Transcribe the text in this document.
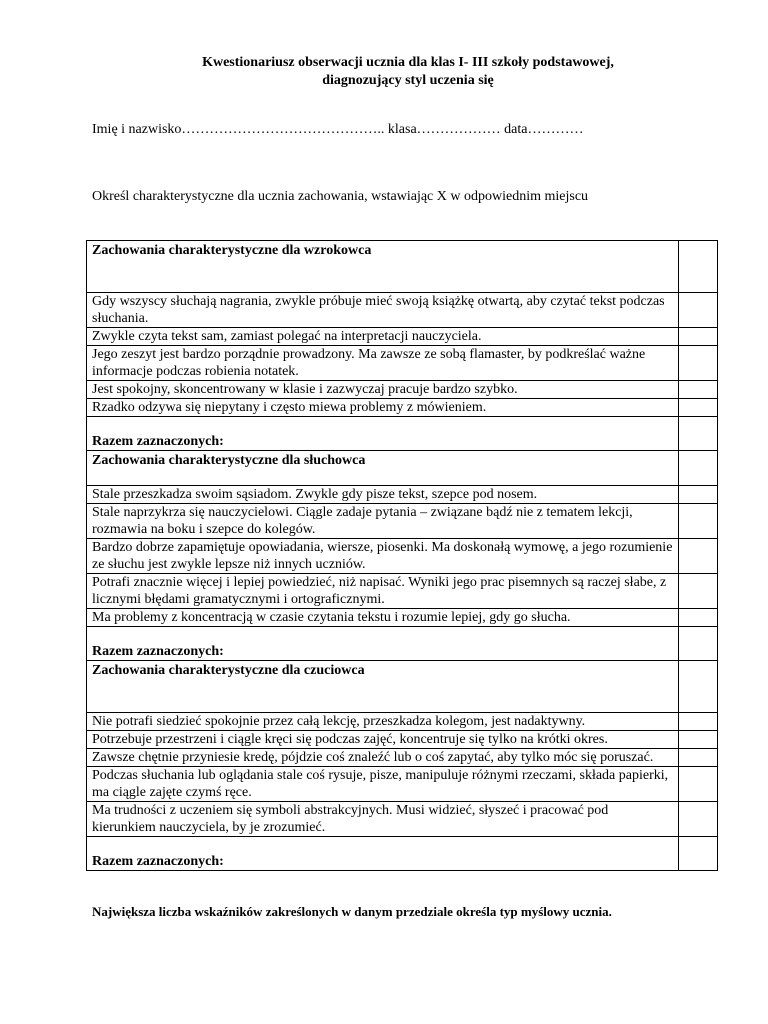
Kwestionariusz obserwacji ucznia dla klas I- III szkoły podstawowej,
diagnozujący styl uczenia się
Imię i nazwisko…………………………………….. klasa……………… data…………
Określ charakterystyczne dla ucznia zachowania, wstawiając X w odpowiednim miejscu
Zachowania charakterystyczne dla wzrokowca	
Gdy wszyscy słuchają nagrania, zwykle próbuje mieć swoją książkę otwartą, aby czytać tekst podczas słuchania.	
Zwykle czyta tekst sam, zamiast polegać na interpretacji nauczyciela.	
Jego zeszyt jest bardzo porządnie prowadzony. Ma zawsze ze sobą flamaster, by podkreślać ważne informacje podczas robienia notatek.	
Jest spokojny, skoncentrowany w klasie i zazwyczaj pracuje bardzo szybko.	
Rzadko odzywa się niepytany i często miewa problemy z mówieniem.	

Razem zaznaczonych:	

Zachowania charakterystyczne dla słuchowca	
Stale przeszkadza swoim sąsiadom. Zwykle gdy pisze tekst, szepce pod nosem.	
Stale naprzykrza się nauczycielowi. Ciągle zadaje pytania – związane bądź nie z tematem lekcji, rozmawia na boku i szepce do kolegów.	
Bardzo dobrze zapamiętuje opowiadania, wiersze, piosenki. Ma doskonałą wymowę, a jego rozumienie ze słuchu jest zwykle lepsze niż innych uczniów.	
Potrafi znacznie więcej i lepiej powiedzieć, niż napisać. Wyniki jego prac pisemnych są raczej słabe, z licznymi błędami gramatycznymi i ortograficznymi.	
Ma problemy z koncentracją w czasie czytania tekstu i rozumie lepiej, gdy go słucha.	

Razem zaznaczonych:	

Zachowania charakterystyczne dla czuciowca	
Nie potrafi siedzieć spokojnie przez całą lekcję, przeszkadza kolegom, jest nadaktywny.	
Potrzebuje przestrzeni i ciągle kręci się podczas zajęć, koncentruje się tylko na krótki okres.	
Zawsze chętnie przyniesie kredę, pójdzie coś znaleźć lub o coś zapytać, aby tylko móc się poruszać.	
Podczas słuchania lub oglądania stale coś rysuje, pisze, manipuluje różnymi rzeczami, składa papierki, ma ciągle zajęte czymś ręce.	
Ma trudności z uczeniem się symboli abstrakcyjnych. Musi widzieć, słyszeć i pracować pod kierunkiem nauczyciela, by je zrozumieć.	

Razem zaznaczonych:	

Największa liczba wskaźników zakreślonych w danym przedziale określa typ myślowy ucznia.
